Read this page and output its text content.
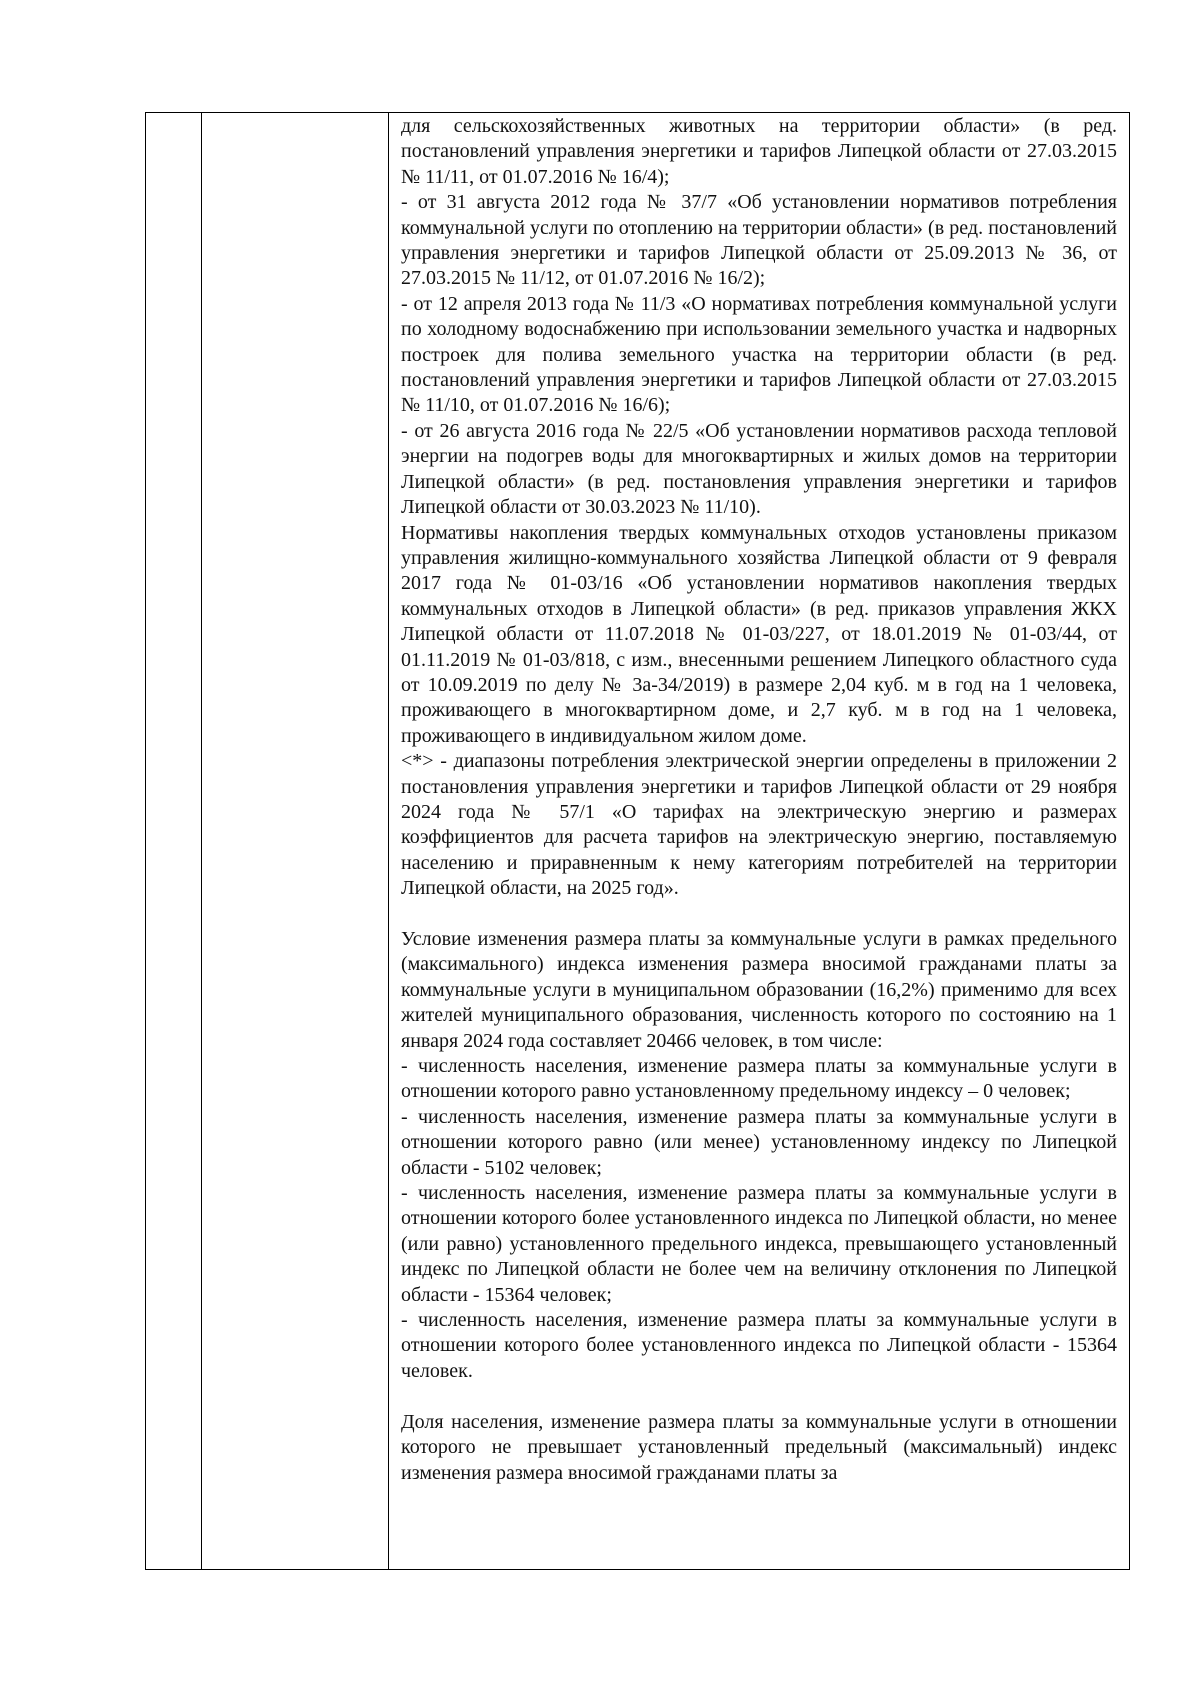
для сельскохозяйственных животных на территории области» (в ред. постановлений управления энергетики и тарифов Липецкой области от 27.03.2015 № 11/11, от 01.07.2016 № 16/4);

- от 31 августа 2012 года № 37/7 «Об установлении нормативов потребления коммунальной услуги по отоплению на территории области» (в ред. постановлений управления энергетики и тарифов Липецкой области от 25.09.2013 № 36, от 27.03.2015 № 11/12, от 01.07.2016 № 16/2);

- от 12 апреля 2013 года № 11/3 «О нормативах потребления коммунальной услуги по холодному водоснабжению при использовании земельного участка и надворных построек для полива земельного участка на территории области (в ред. постановлений управления энергетики и тарифов Липецкой области от 27.03.2015 № 11/10, от 01.07.2016 № 16/6);

- от 26 августа 2016 года № 22/5 «Об установлении нормативов расхода тепловой энергии на подогрев воды для многоквартирных и жилых домов на территории Липецкой области» (в ред. постановления управления энергетики и тарифов Липецкой области от 30.03.2023 № 11/10).

Нормативы накопления твердых коммунальных отходов установлены приказом управления жилищно-коммунального хозяйства Липецкой области от 9 февраля 2017 года № 01-03/16 «Об установлении нормативов накопления твердых коммунальных отходов в Липецкой области» (в ред. приказов управления ЖКХ Липецкой области от 11.07.2018 № 01-03/227, от 18.01.2019 № 01-03/44, от 01.11.2019 № 01-03/818, с изм., внесенными решением Липецкого областного суда от 10.09.2019 по делу № 3а-34/2019) в размере 2,04 куб. м в год на 1 человека, проживающего в многоквартирном доме, и 2,7 куб. м в год на 1 человека, проживающего в индивидуальном жилом доме.

<*> - диапазоны потребления электрической энергии определены в приложении 2 постановления управления энергетики и тарифов Липецкой области от 29 ноября 2024 года № 57/1 «О тарифах на электрическую энергию и размерах коэффициентов для расчета тарифов на электрическую энергию, поставляемую населению и приравненным к нему категориям потребителей на территории Липецкой области, на 2025 год».

Условие изменения размера платы за коммунальные услуги в рамках предельного (максимального) индекса изменения размера вносимой гражданами платы за коммунальные услуги в муниципальном образовании (16,2%) применимо для всех жителей муниципального образования, численность которого по состоянию на 1 января 2024 года составляет 20466 человек, в том числе:

- численность населения, изменение размера платы за коммунальные услуги в отношении которого равно установленному предельному индексу – 0 человек;

- численность населения, изменение размера платы за коммунальные услуги в отношении которого равно (или менее) установленному индексу по Липецкой области - 5102 человек;

- численность населения, изменение размера платы за коммунальные услуги в отношении которого более установленного индекса по Липецкой области, но менее (или равно) установленного предельного индекса, превышающего установленный индекс по Липецкой области не более чем на величину отклонения по Липецкой области - 15364 человек;

- численность населения, изменение размера платы за коммунальные услуги в отношении которого более установленного индекса по Липецкой области - 15364 человек.

Доля населения, изменение размера платы за коммунальные услуги в отношении которого не превышает установленный предельный (максимальный) индекс изменения размера вносимой гражданами платы за
